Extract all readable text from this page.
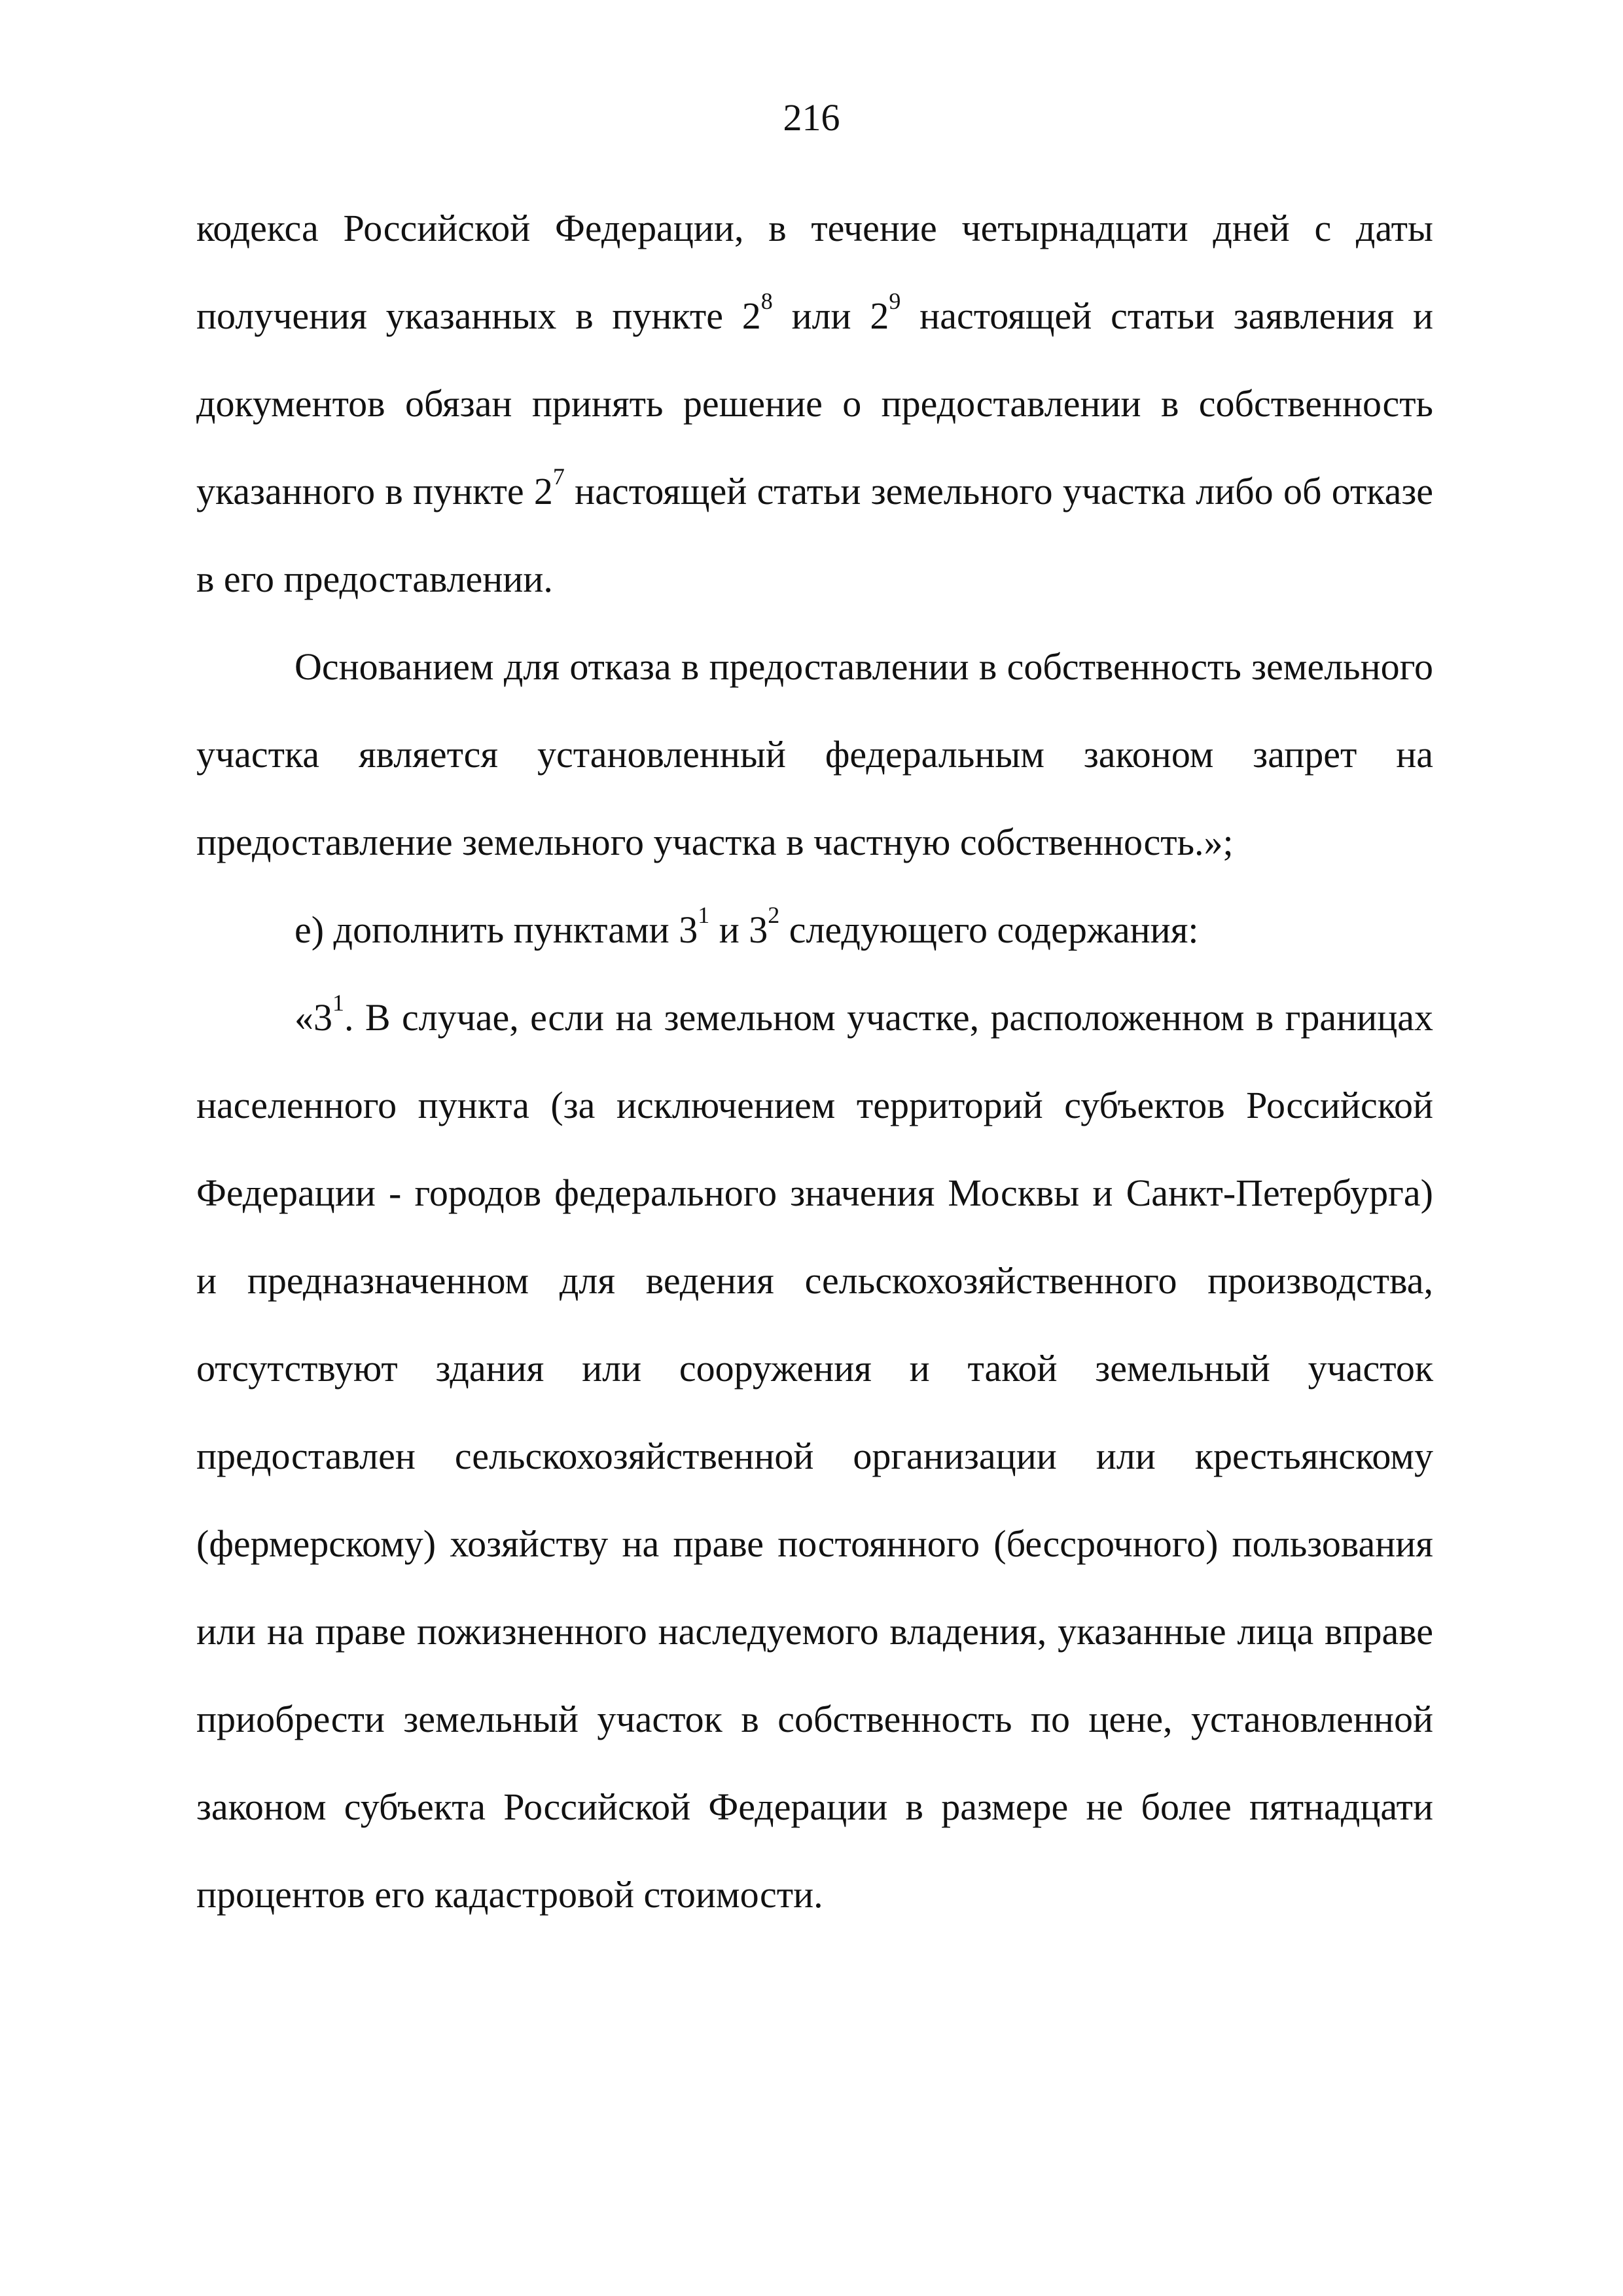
216

кодекса Российской Федерации, в течение четырнадцати дней с даты получения указанных в пункте $2^8$ или $2^9$ настоящей статьи заявления и документов обязан принять решение о предоставлении в собственность указанного в пункте $2^7$ настоящей статьи земельного участка либо об отказе в его предоставлении.

Основанием для отказа в предоставлении в собственность земельного участка является установленный федеральным законом запрет на предоставление земельного участка в частную собственность.»;

е) дополнить пунктами $3^1$ и $3^2$ следующего содержания:

«$3^1$. В случае, если на земельном участке, расположенном в границах населенного пункта (за исключением территорий субъектов Российской Федерации - городов федерального значения Москвы и Санкт-Петербурга) и предназначенном для ведения сельскохозяйственного производства, отсутствуют здания или сооружения и такой земельный участок предоставлен сельскохозяйственной организации или крестьянскому (фермерскому) хозяйству на праве постоянного (бессрочного) пользования или на праве пожизненного наследуемого владения, указанные лица вправе приобрести земельный участок в собственность по цене, установленной законом субъекта Российской Федерации в размере не более пятнадцати процентов его кадастровой стоимости.
